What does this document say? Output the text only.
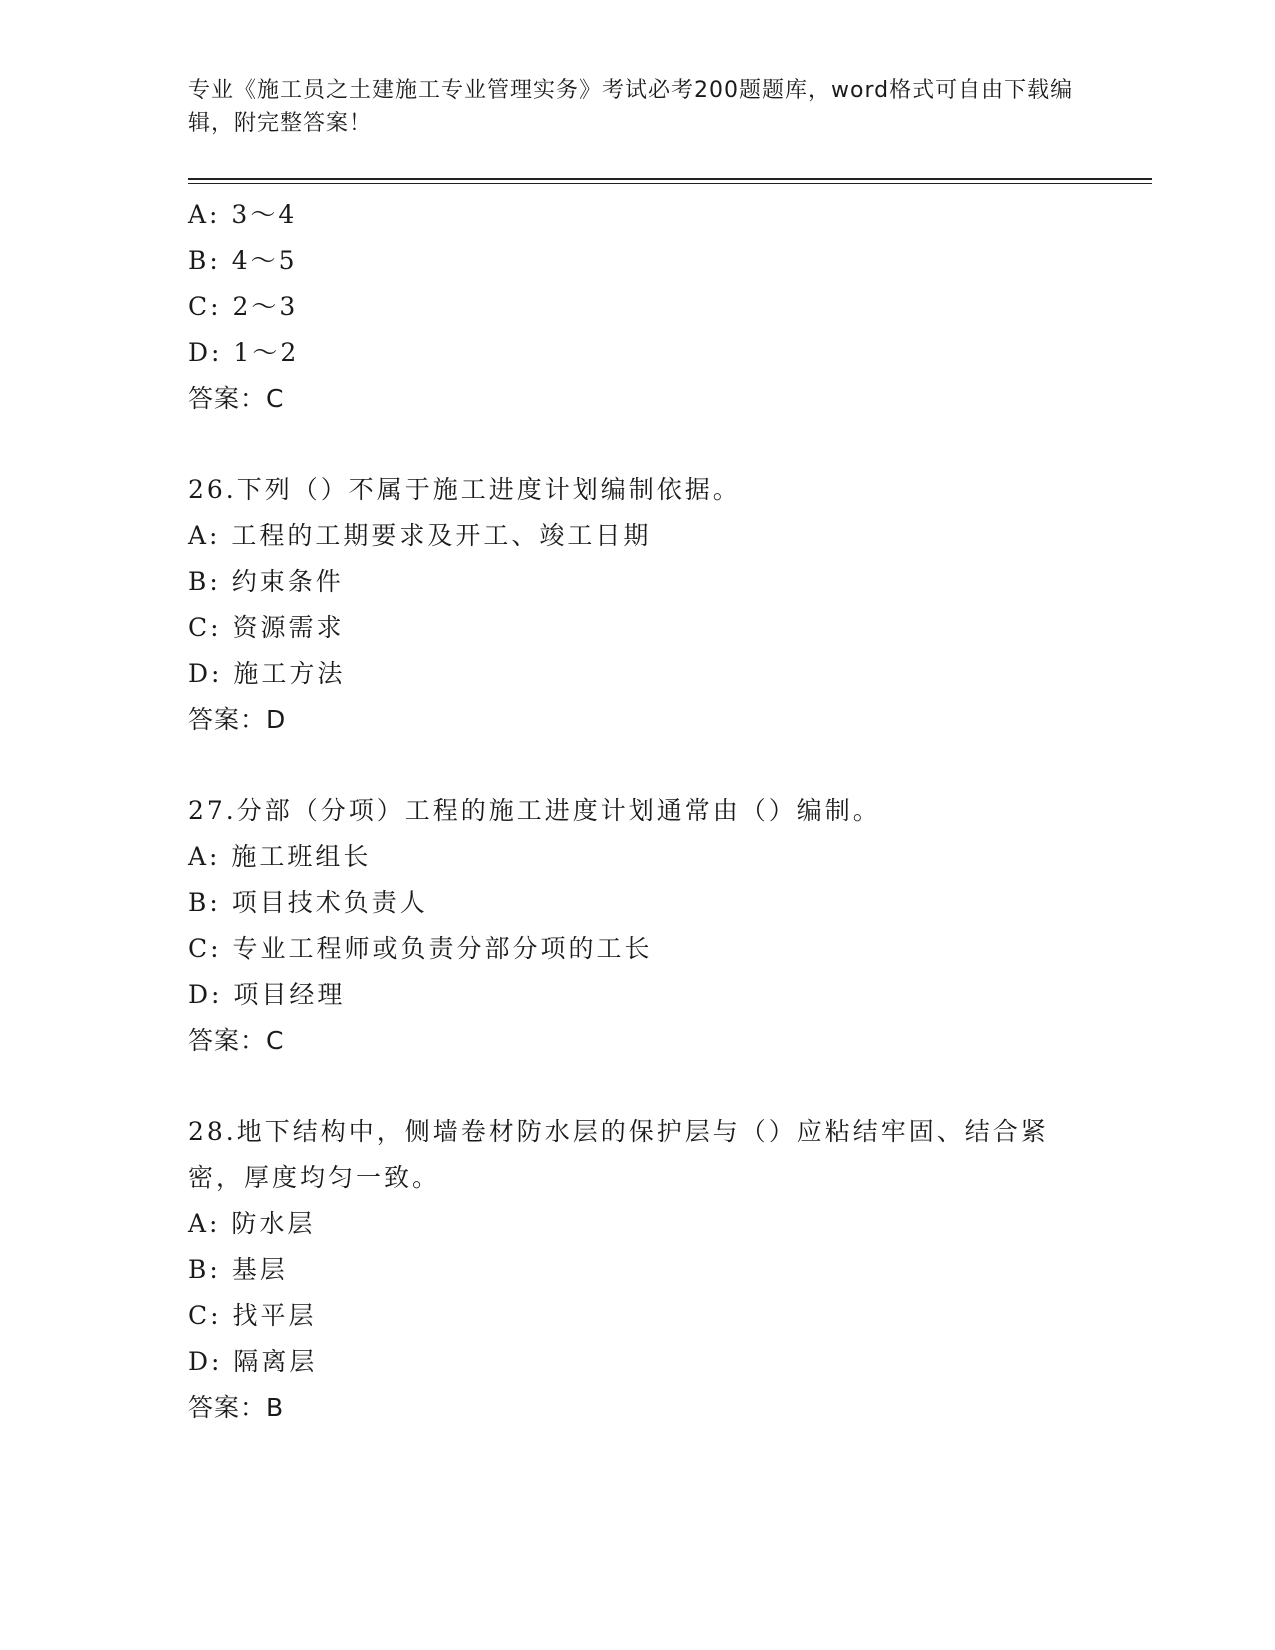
专业《施工员之土建施工专业管理实务》考试必考200题题库，word格式可自由下载编辑，附完整答案！
A: 3～4
B: 4～5
C: 2～3
D: 1～2
答案：C
26.下列（）不属于施工进度计划编制依据。
A: 工程的工期要求及开工、竣工日期
B: 约束条件
C: 资源需求
D: 施工方法
答案：D
27.分部（分项）工程的施工进度计划通常由（）编制。
A: 施工班组长
B: 项目技术负责人
C: 专业工程师或负责分部分项的工长
D: 项目经理
答案：C
28.地下结构中，侧墙卷材防水层的保护层与（）应粘结牢固、结合紧密，厚度均匀一致。
A: 防水层
B: 基层
C: 找平层
D: 隔离层
答案：B
